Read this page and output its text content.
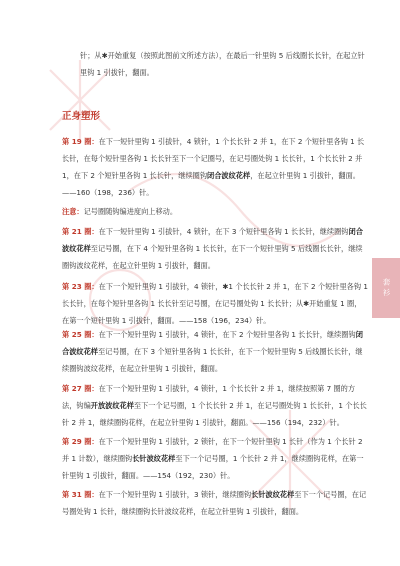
针；从✱开始重复（按照此图前文所述方法），在最后一针里钩 5 后线圈长长针，在起立针里钩 1 引拔针，翻面。
正身塑形
第 19 圈：在下一短针里钩 1 引拔针，4 锁针，1 个长长针 2 并 1，在下 2 个短针里各钩 1 长长针，在每个短针里各钩 1 长长针至下一个记圈号，在记号圈处钩 1 长长针，1 个长长针 2 并 1，在下 2 个短针里各钩 1 长长针，继续圈钩闭合波纹花样，在起立针里钩 1 引拔针，翻面。——160（198，236）针。
注意：记号圈随钩编进度向上移动。
第 21 圈：在下一短针里钩 1 引拔针，4 锁针，在下 3 个短针里各钩 1 长长针，继续圈钩闭合波纹花样至记号圈，在下 4 个短针里各钩 1 长长针，在下一个短针里钩 5 后线圈长长针，继续圈钩波纹花样，在起立针里钩 1 引拔针，翻面。
第 23 圈：在下一个短针里钩 1 引拔针，4 锁针，✱1 个长长针 2 并 1，在下 2 个短针里各钩 1 长长针，在每个短针里各钩 1 长长针至记号圈，在记号圈处钩 1 长长针；从✱开始重复 1 圈，在第一个短针里钩 1 引拔针，翻面。——158（196，234）针。
第 25 圈：在下一个短针里钩 1 引拔针，4 锁针，在下 2 个短针里各钩 1 长长针，继续圈钩闭合波纹花样至记号圈，在下 3 个短针里各钩 1 长长针，在下一个短针里钩 5 后线圈长长针，继续圈钩波纹花样，在起立针里钩 1 引拔针，翻面。
第 27 圈：在下一个短针里钩 1 引拔针，4 锁针，1 个长长针 2 并 1，继续按照第 7 圈的方法，钩编开放波纹花样至下一个记号圈，1 个长长针 2 并 1，在记号圈处钩 1 长长针，1 个长长针 2 并 1，继续圈钩花样，在起立针里钩 1 引拔针，翻面。——156（194，232）针。
第 29 圈：在下一个短针里钩 1 引拔针，2 锁针，在下一个短针里钩 1 长针（作为 1 个长针 2 并 1 计数），继续圈钩长针波纹花样至下一个记号圈，1 个长针 2 并 1，继续圈钩花样，在第一针里钩 1 引拔针，翻面。——154（192，230）针。
第 31 圈：在下一个短针里钩 1 引拔针，3 锁针，继续圈钩长针波纹花样至下一个记号圈，在记号圈处钩 1 长针，继续圈钩长针波纹花样，在起立针里钩 1 引拔针，翻面。
套衫
